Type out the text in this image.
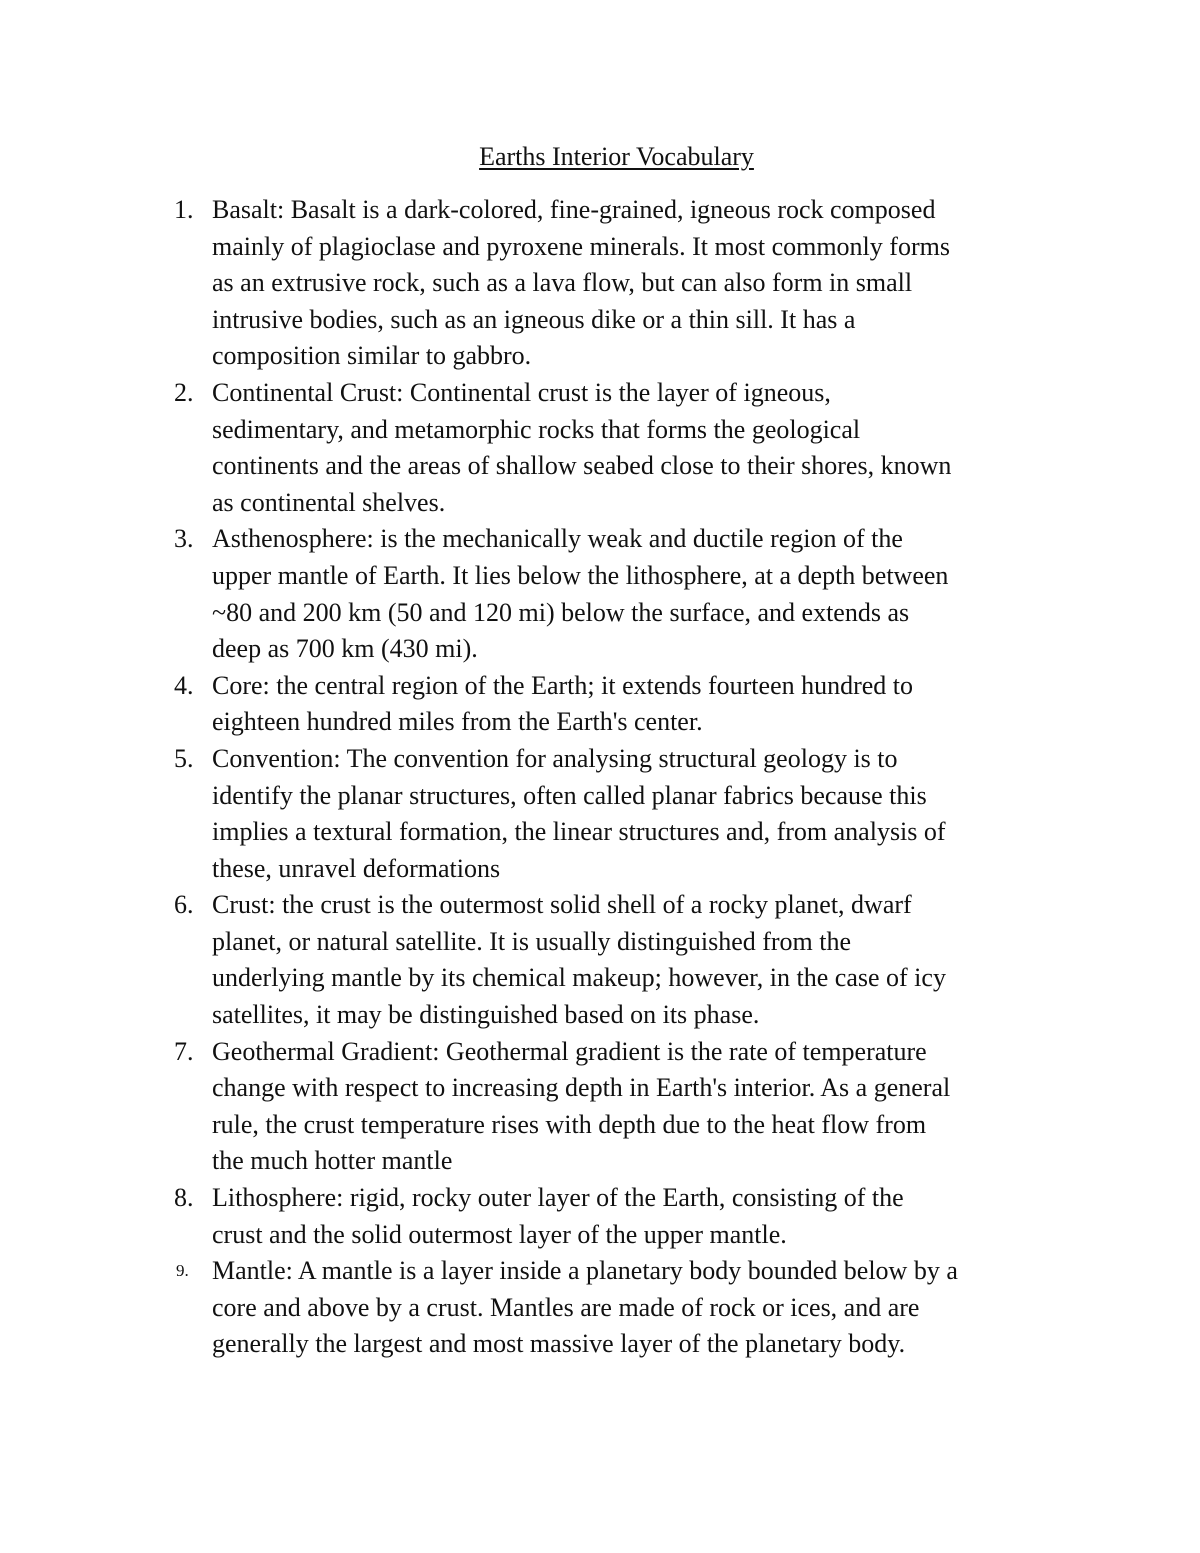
Earths Interior Vocabulary
1. Basalt: Basalt is a dark-colored, fine-grained, igneous rock composed
mainly of plagioclase and pyroxene minerals. It most commonly forms
as an extrusive rock, such as a lava flow, but can also form in small
intrusive bodies, such as an igneous dike or a thin sill. It has a
composition similar to gabbro.
2. Continental Crust: Continental crust is the layer of igneous,
sedimentary, and metamorphic rocks that forms the geological
continents and the areas of shallow seabed close to their shores, known
as continental shelves.
3. Asthenosphere: is the mechanically weak and ductile region of the
upper mantle of Earth. It lies below the lithosphere, at a depth between
~80 and 200 km (50 and 120 mi) below the surface, and extends as
deep as 700 km (430 mi).
4. Core: the central region of the Earth; it extends fourteen hundred to
eighteen hundred miles from the Earth's center.
5. Convention: The convention for analysing structural geology is to
identify the planar structures, often called planar fabrics because this
implies a textural formation, the linear structures and, from analysis of
these, unravel deformations
6. Crust: the crust is the outermost solid shell of a rocky planet, dwarf
planet, or natural satellite. It is usually distinguished from the
underlying mantle by its chemical makeup; however, in the case of icy
satellites, it may be distinguished based on its phase.
7. Geothermal Gradient: Geothermal gradient is the rate of temperature
change with respect to increasing depth in Earth's interior. As a general
rule, the crust temperature rises with depth due to the heat flow from
the much hotter mantle
8. Lithosphere: rigid, rocky outer layer of the Earth, consisting of the
crust and the solid outermost layer of the upper mantle.
9. Mantle: A mantle is a layer inside a planetary body bounded below by a
core and above by a crust. Mantles are made of rock or ices, and are
generally the largest and most massive layer of the planetary body.
